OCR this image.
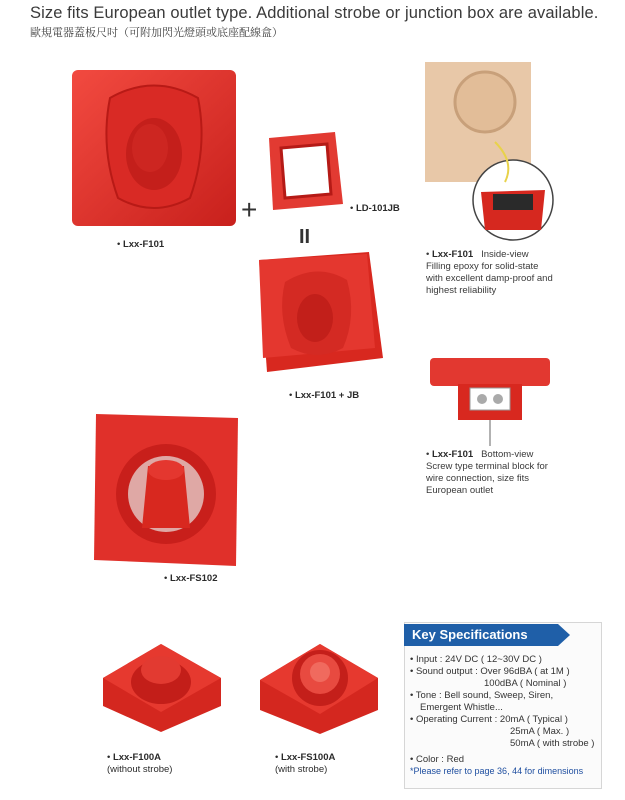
Size fits European outlet type. Additional strobe or junction box are available.
歐規電器蓋板尺吋（可附加閃光燈頭或底座配線盒）
• Lxx-F101
+	• LD-101JB
II
• Lxx-F101 + JB
• Lxx-F101 Inside-view
Filling epoxy for solid-state
with excellent damp-proof and
highest reliability
• Lxx-F101 Bottom-view
Screw type terminal block for
wire connection, size fits
European outlet
• Lxx-FS102
• Lxx-F100A
(without strobe)
• Lxx-FS100A
(with strobe)
Key Specifications
• Input : 24V DC ( 12~30V DC )
• Sound output : Over 96dBA ( at 1M )
100dBA ( Nominal )
• Tone : Bell sound, Sweep, Siren,
Emergent Whistle...
• Operating Current : 20mA ( Typical )
25mA ( Max. )
50mA ( with strobe )
• Color : Red
*Please refer to page 36, 44 for dimensions
